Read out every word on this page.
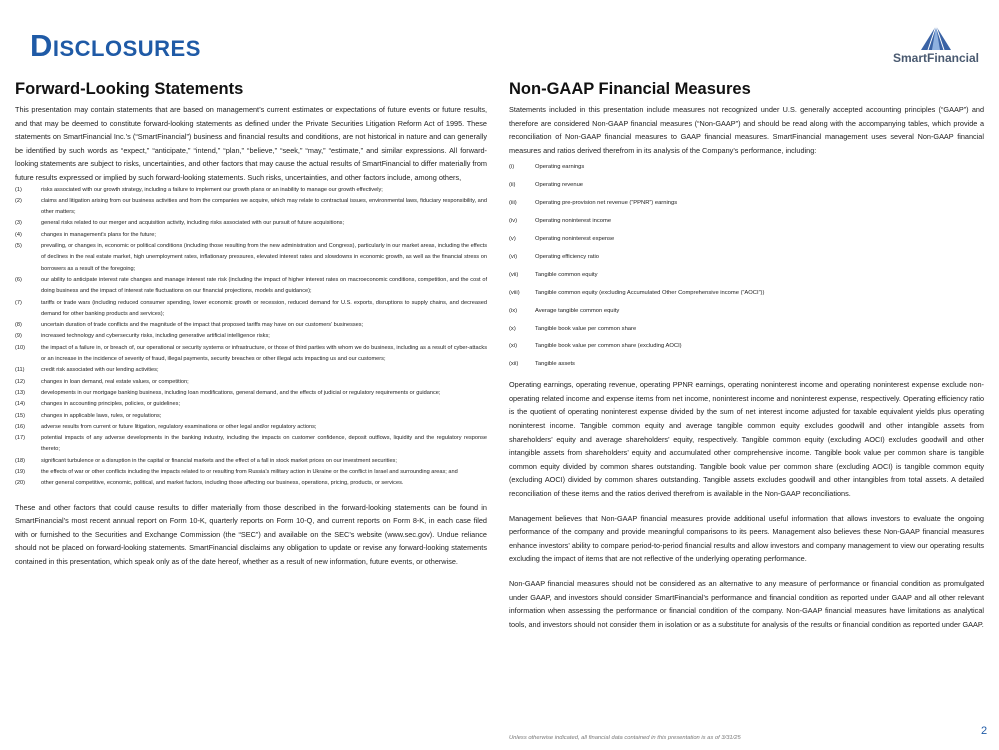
Disclosures	SmartFinancial
Forward-Looking Statements

This presentation may contain statements that are based on management’s current estimates or expectations of future events or future results, and that may be deemed to constitute forward-looking statements as defined under the Private Securities Litigation Reform Act of 1995. These statements on SmartFinancial Inc.’s (“SmartFinancial”) business and financial results and conditions, are not historical in nature and can generally be identified by such words as “expect,” “anticipate,” “intend,” “plan,” “believe,” “seek,” “may,” “estimate,” and similar expressions. All forward-looking statements are subject to risks, uncertainties, and other factors that may cause the actual results of SmartFinancial to differ materially from future results expressed or implied by such forward-looking statements. Such risks, uncertainties, and other factors include, among others,

(1)	risks associated with our growth strategy, including a failure to implement our growth plans or an inability to manage our growth effectively;
(2)	claims and litigation arising from our business activities and from the companies we acquire, which may relate to contractual issues, environmental laws, fiduciary responsibility, and other matters;
(3)	general risks related to our merger and acquisition activity, including risks associated with our pursuit of future acquisitions;
(4)	changes in management’s plans for the future;
(5)	prevailing, or changes in, economic or political conditions (including those resulting from the new administration and Congress), particularly in our market areas, including the effects of declines in the real estate market, high unemployment rates, inflationary pressures, elevated interest rates and slowdowns in economic growth, as well as the financial stress on borrowers as a result of the foregoing;
(6)	our ability to anticipate interest rate changes and manage interest rate risk (including the impact of higher interest rates on macroeconomic conditions, competition, and the cost of doing business and the impact of interest rate fluctuations on our financial projections, models and guidance);
(7)	tariffs or trade wars (including reduced consumer spending, lower economic growth or recession, reduced demand for U.S. exports, disruptions to supply chains, and decreased demand for other banking products and services);
(8)	uncertain duration of trade conflicts and the magnitude of the impact that proposed tariffs may have on our customers’ businesses;
(9)	increased technology and cybersecurity risks, including generative artificial intelligence risks;
(10)	the impact of a failure in, or breach of, our operational or security systems or infrastructure, or those of third parties with whom we do business, including as a result of cyber-attacks or an increase in the incidence of severity of fraud, illegal payments, security breaches or other illegal acts impacting us and our customers;
(11)	credit risk associated with our lending activities;
(12)	changes in loan demand, real estate values, or competition;
(13)	developments in our mortgage banking business, including loan modifications, general demand, and the effects of judicial or regulatory requirements or guidance;
(14)	changes in accounting principles, policies, or guidelines;
(15)	changes in applicable laws, rules, or regulations;
(16)	adverse results from current or future litigation, regulatory examinations or other legal and/or regulatory actions;
(17)	potential impacts of any adverse developments in the banking industry, including the impacts on customer confidence, deposit outflows, liquidity and the regulatory response thereto;
(18)	significant turbulence or a disruption in the capital or financial markets and the effect of a fall in stock market prices on our investment securities;
(19)	the effects of war or other conflicts including the impacts related to or resulting from Russia’s military action in Ukraine or the conflict in Israel and surrounding areas; and
(20)	other general competitive, economic, political, and market factors, including those affecting our business, operations, pricing, products, or services.

These and other factors that could cause results to differ materially from those described in the forward-looking statements can be found in SmartFinancial’s most recent annual report on Form 10-K, quarterly reports on Form 10-Q, and current reports on Form 8-K, in each case filed with or furnished to the Securities and Exchange Commission (the “SEC”) and available on the SEC’s website (www.sec.gov). Undue reliance should not be placed on forward-looking statements. SmartFinancial disclaims any obligation to update or revise any forward-looking statements contained in this presentation, which speak only as of the date hereof, whether as a result of new information, future events, or otherwise.

Non-GAAP Financial Measures

Statements included in this presentation include measures not recognized under U.S. generally accepted accounting principles (“GAAP”) and therefore are considered Non-GAAP financial measures (“Non-GAAP”) and should be read along with the accompanying tables, which provide a reconciliation of Non-GAAP financial measures to GAAP financial measures. SmartFinancial management uses several Non-GAAP financial measures and ratios derived therefrom in its analysis of the Company’s performance, including:

(i)	Operating earnings
(ii)	Operating revenue
(iii)	Operating pre-provision net revenue (“PPNR”) earnings
(iv)	Operating noninterest income
(v)	Operating noninterest expense
(vi)	Operating efficiency ratio
(vii)	Tangible common equity
(viii)	Tangible common equity (excluding Accumulated Other Comprehensive income (“AOCI”))
(ix)	Average tangible common equity
(x)	Tangible book value per common share
(xi)	Tangible book value per common share (excluding AOCI)
(xii)	Tangible assets

Operating earnings, operating revenue, operating PPNR earnings, operating noninterest income and operating noninterest expense exclude non-operating related income and expense items from net income, noninterest income and noninterest expense, respectively. Operating efficiency ratio is the quotient of operating noninterest expense divided by the sum of net interest income adjusted for taxable equivalent yields plus operating noninterest income. Tangible common equity and average tangible common equity excludes goodwill and other intangible assets from shareholders’ equity and average shareholders’ equity, respectively. Tangible common equity (excluding AOCI) excludes goodwill and other intangible assets from shareholders’ equity and accumulated other comprehensive income. Tangible book value per common share is tangible common equity divided by common shares outstanding. Tangible book value per common share (excluding AOCI) is tangible common equity (excluding AOCI) divided by common shares outstanding. Tangible assets excludes goodwill and other intangibles from total assets. A detailed reconciliation of these items and the ratios derived therefrom is available in the Non-GAAP reconciliations.

Management believes that Non-GAAP financial measures provide additional useful information that allows investors to evaluate the ongoing performance of the company and provide meaningful comparisons to its peers. Management also believes these Non-GAAP financial measures enhance investors’ ability to compare period-to-period financial results and allow investors and company management to view our operating results excluding the impact of items that are not reflective of the underlying operating performance.

Non-GAAP financial measures should not be considered as an alternative to any measure of performance or financial condition as promulgated under GAAP, and investors should consider SmartFinancial’s performance and financial condition as reported under GAAP and all other relevant information when assessing the performance or financial condition of the company. Non-GAAP financial measures have limitations as analytical tools, and investors should not consider them in isolation or as a substitute for analysis of the results or financial condition as reported under GAAP.

Unless otherwise indicated, all financial data contained in this presentation is as of 3/31/25
2
